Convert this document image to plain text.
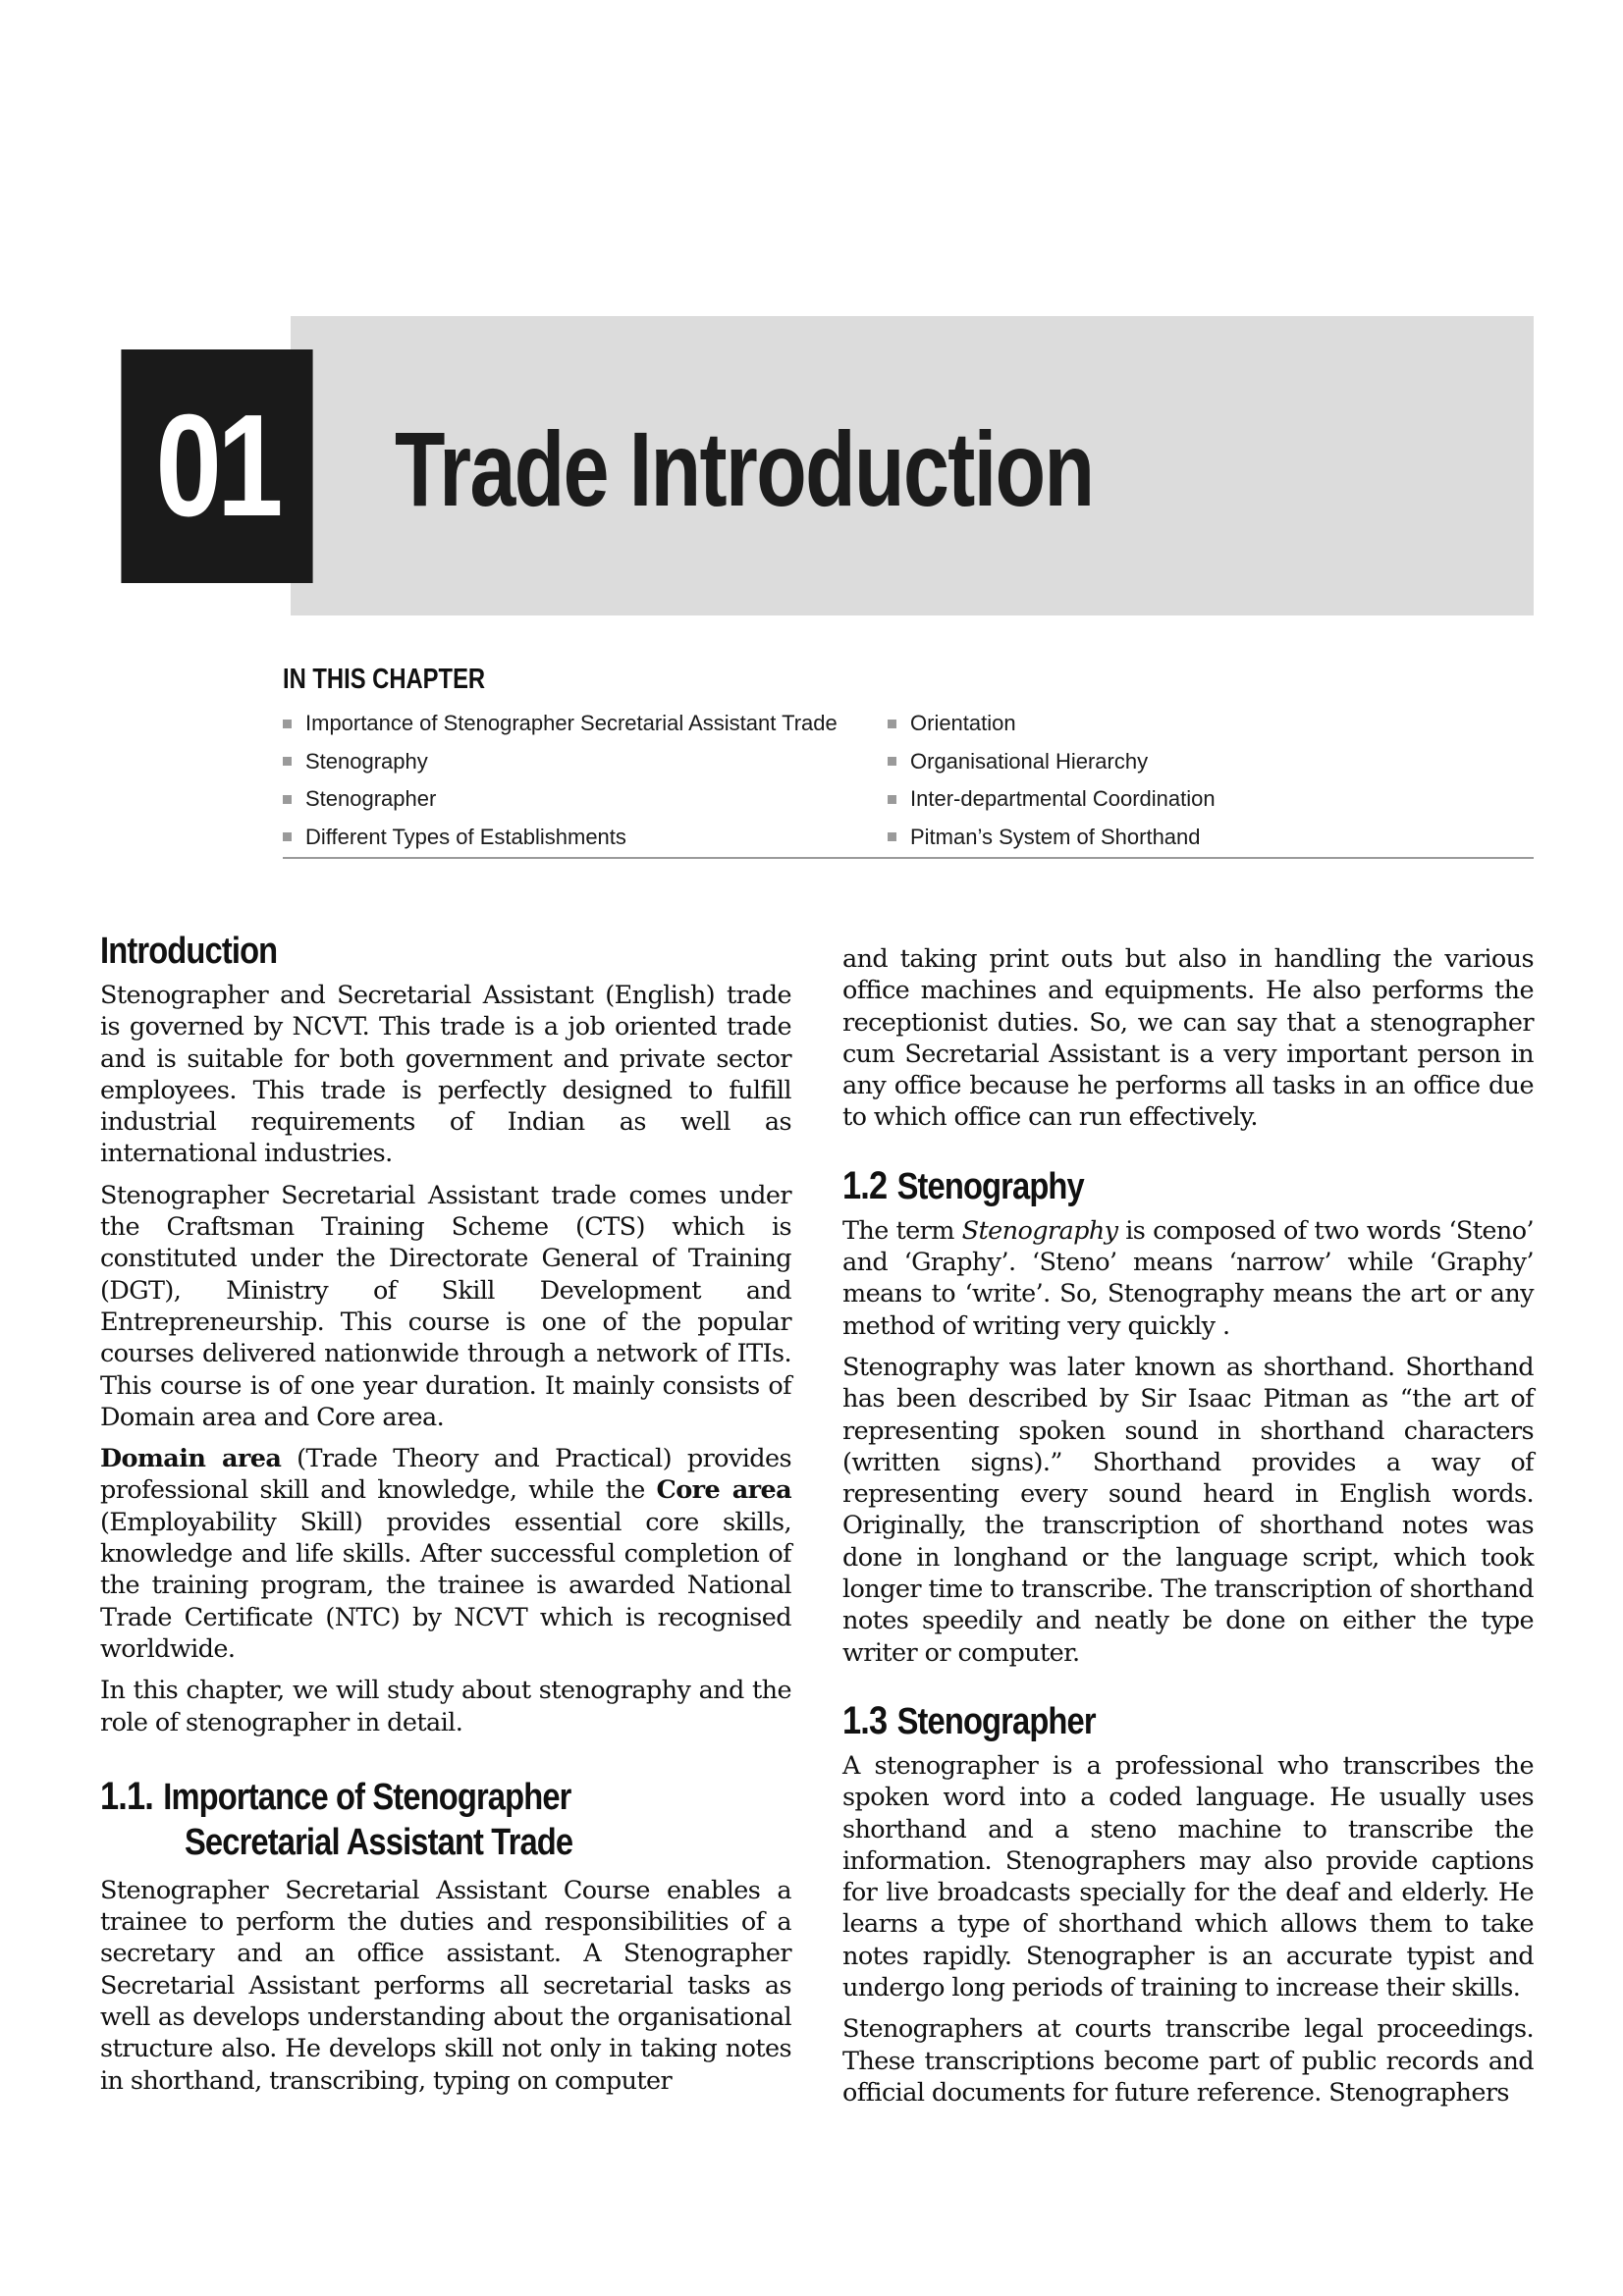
01	Trade Introduction
IN THIS CHAPTER
Importance of Stenographer Secretarial Assistant Trade
Stenography
Stenographer
Different Types of Establishments
Orientation
Organisational Hierarchy
Inter-departmental Coordination
Pitman’s System of Shorthand
Introduction

Stenographer and Secretarial Assistant (English) trade is governed by NCVT. This trade is a job oriented trade and is suitable for both government and private sector employees. This trade is perfectly designed to fulfill industrial requirements of Indian as well as international industries.

Stenographer Secretarial Assistant trade comes under the Craftsman Training Scheme (CTS) which is constituted under the Directorate General of Training (DGT), Ministry of Skill Development and Entrepreneurship. This course is one of the popular courses delivered nationwide through a network of ITIs. This course is of one year duration. It mainly consists of Domain area and Core area.

Domain area (Trade Theory and Practical) provides professional skill and knowledge, while the Core area (Employability Skill) provides essential core skills, knowledge and life skills. After successful completion of the training program, the trainee is awarded National Trade Certificate (NTC) by NCVT which is recognised worldwide.

In this chapter, we will study about stenography and the role of stenographer in detail.

1.1. Importance of Stenographer
Secretarial Assistant Trade

Stenographer Secretarial Assistant Course enables a trainee to perform the duties and responsibilities of a secretary and an office assistant. A Stenographer Secretarial Assistant performs all secretarial tasks as well as develops understanding about the organisational structure also. He develops skill not only in taking notes in shorthand, transcribing, typing on computer

and taking print outs but also in handling the various office machines and equipments. He also performs the receptionist duties. So, we can say that a stenographer cum Secretarial Assistant is a very important person in any office because he performs all tasks in an office due to which office can run effectively.

1.2 Stenography

The term Stenography is composed of two words ‘Steno’ and ‘Graphy’. ‘Steno’ means ‘narrow’ while ‘Graphy’ means to ‘write’. So, Stenography means the art or any method of writing very quickly .

Stenography was later known as shorthand. Shorthand has been described by Sir Isaac Pitman as “the art of representing spoken sound in shorthand characters (written signs).” Shorthand provides a way of representing every sound heard in English words. Originally, the transcription of shorthand notes was done in longhand or the language script, which took longer time to transcribe. The transcription of shorthand notes speedily and neatly be done on either the type writer or computer.

1.3 Stenographer

A stenographer is a professional who transcribes the spoken word into a coded language. He usually uses shorthand and a steno machine to transcribe the information. Stenographers may also provide captions for live broadcasts specially for the deaf and elderly. He learns a type of shorthand which allows them to take notes rapidly. Stenographer is an accurate typist and undergo long periods of training to increase their skills.

Stenographers at courts transcribe legal proceedings. These transcriptions become part of public records and official documents for future reference. Stenographers
